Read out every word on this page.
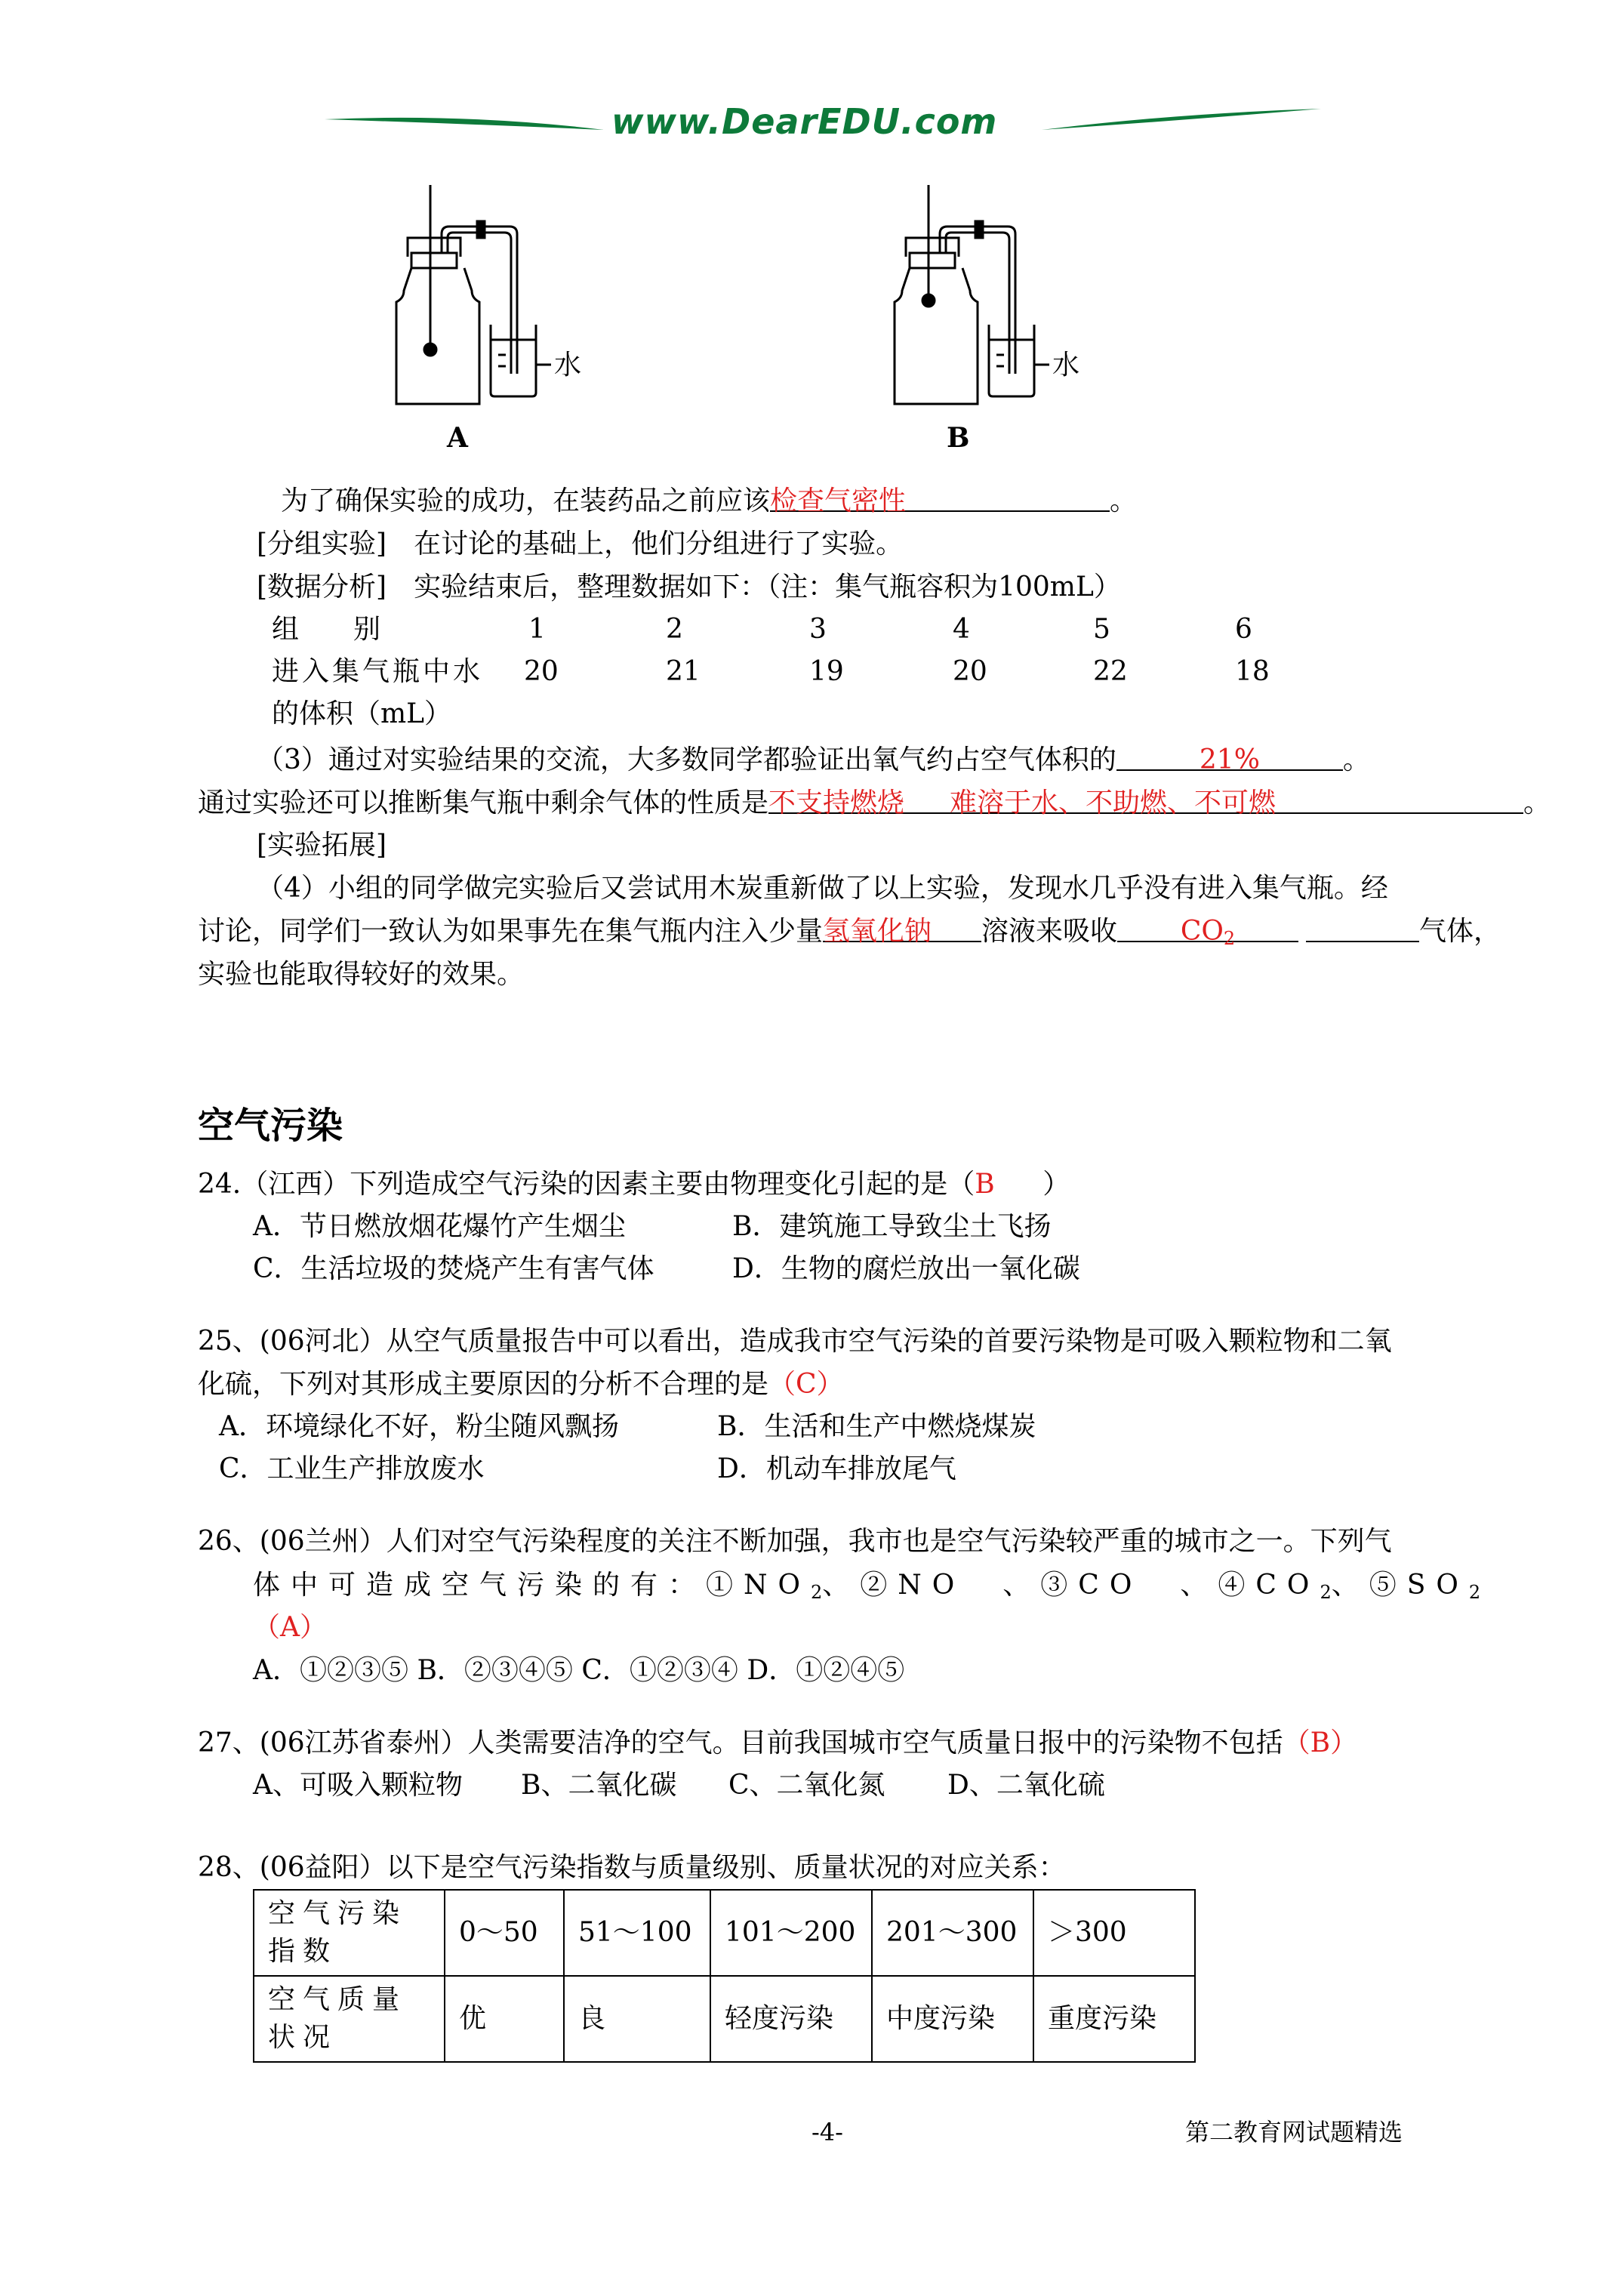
www.DearEDU.com
水	水
A	B
为了确保实验的成功，在装药品之前应该检查气密性	。
[分组实验]　在讨论的基础上，他们分组进行了实验。
[数据分析]　实验结束后，整理数据如下：（注：集气瓶容积为100mL）
组　　别	1	2	3	4	5	6
进入集气瓶中水 20	21	19	20	22	18
的体积（mL）
（3）通过对实验结果的交流，大多数同学都验证出氧气约占空气体积的	21%	。
通过实验还可以推断集气瓶中剩余气体的性质是不支持燃烧 难溶于水、不助燃、不可燃	。
[实验拓展]
（4）小组的同学做完实验后又尝试用木炭重新做了以上实验，发现水几乎没有进入集气瓶。经
讨论，同学们一致认为如果事先在集气瓶内注入少量氢氧化钠 溶液来吸收 $CO_2$	气体，
实验也能取得较好的效果。
空气污染
24.（江西）下列造成空气污染的因素主要由物理变化引起的是（B ）
A．节日燃放烟花爆竹产生烟尘	B．建筑施工导致尘土飞扬
C．生活垃圾的焚烧产生有害气体	D．生物的腐烂放出一氧化碳
25、(06河北）从空气质量报告中可以看出，造成我市空气污染的首要污染物是可吸入颗粒物和二氧
化硫，下列对其形成主要原因的分析不合理的是（C）
A．环境绿化不好，粉尘随风飘扬	B．生活和生产中燃烧煤炭
C．工业生产排放废水	D．机动车排放尾气
26、(06兰州）人们对空气污染程度的关注不断加强，我市也是空气污染较严重的城市之一。下列气
体中可造成空气污染的有：$①NO_2$、②NO　、③CO　、$④CO_2$、$⑤SO_2$
（A）
A．①②③⑤ B．②③④⑤ C．①②③④ D．①②④⑤
27、(06江苏省泰州）人类需要洁净的空气。目前我国城市空气质量日报中的污染物不包括（B）
A、可吸入颗粒物 B、二氧化碳 C、二氧化氮 D、二氧化硫
28、(06益阳）以下是空气污染指数与质量级别、质量状况的对应关系：
空气污染指数	0～50	51～100	101～200	201～300	＞300
空气质量状况	优	良	轻度污染	中度污染	重度污染
-4-	第二教育网试题精选
